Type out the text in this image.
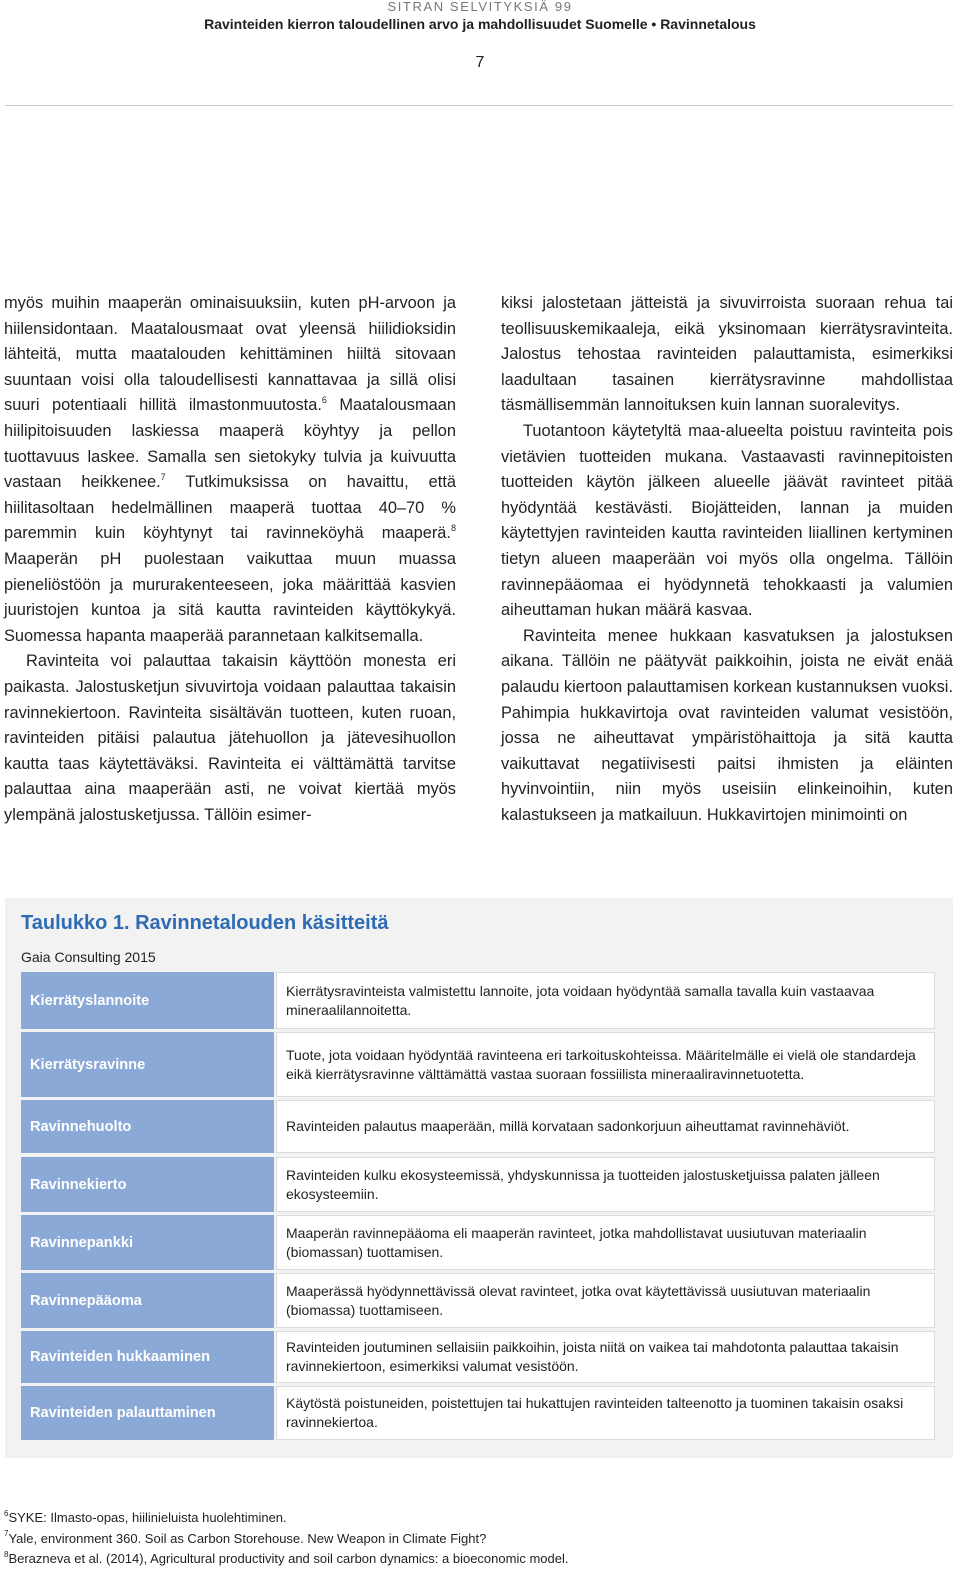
SITRAN SELVITYKSIÄ 99
Ravinteiden kierron taloudellinen arvo ja mahdollisuudet Suomelle • Ravinnetalous
7

myös muihin maaperän ominaisuuksiin, kuten pH-arvoon ja hiilensidontaan. Maatalousmaat ovat yleensä hiilidioksidin lähteitä, mutta maatalouden kehittäminen hiiltä sitovaan suuntaan voisi olla taloudellisesti kannattavaa ja sillä olisi suuri potentiaali hillitä ilmastonmuutosta.$^6$ Maatalousmaan hiilipitoisuuden laskiessa maaperä köyhtyy ja pellon tuottavuus laskee. Samalla sen sietokyky tulvia ja kuivuutta vastaan heikkenee.$^7$ Tutkimuksissa on havaittu, että hiilitasoltaan hedelmällinen maaperä tuottaa 40–70 % paremmin kuin köyhtynyt tai ravinneköyhä maaperä.$^8$ Maaperän pH puolestaan vaikuttaa muun muassa pieneliöstöön ja mururakenteeseen, joka määrittää kasvien juuristojen kuntoa ja sitä kautta ravinteiden käyttökykyä. Suomessa hapanta maaperää parannetaan kalkitsemalla.

Ravinteita voi palauttaa takaisin käyttöön monesta eri paikasta. Jalostusketjun sivuvirtoja voidaan palauttaa takaisin ravinnekiertoon. Ravinteita sisältävän tuotteen, kuten ruoan, ravinteiden pitäisi palautua jätehuollon ja jätevesihuollon kautta taas käytettäväksi. Ravinteita ei välttämättä tarvitse palauttaa aina maaperään asti, ne voivat kiertää myös ylempänä jalostusketjussa. Tällöin esimer-

kiksi jalostetaan jätteistä ja sivuvirroista suoraan rehua tai teollisuuskemikaaleja, eikä yksinomaan kierrätysravinteita. Jalostus tehostaa ravinteiden palauttamista, esimerkiksi laadultaan tasainen kierrätysravinne mahdollistaa täsmällisemmän lannoituksen kuin lannan suoralevitys.

Tuotantoon käytetyltä maa-alueelta poistuu ravinteita pois vietävien tuotteiden mukana. Vastaavasti ravinnepitoisten tuotteiden käytön jälkeen alueelle jäävät ravinteet pitää hyödyntää kestävästi. Biojätteiden, lannan ja muiden käytettyjen ravinteiden kautta ravinteiden liiallinen kertyminen tietyn alueen maaperään voi myös olla ongelma. Tällöin ravinnepääomaa ei hyödynnetä tehokkaasti ja valumien aiheuttaman hukan määrä kasvaa.

Ravinteita menee hukkaan kasvatuksen ja jalostuksen aikana. Tällöin ne päätyvät paikkoihin, joista ne eivät enää palaudu kiertoon palauttamisen korkean kustannuksen vuoksi. Pahimpia hukkavirtoja ovat ravinteiden valumat vesistöön, jossa ne aiheuttavat ympäristöhaittoja ja sitä kautta vaikuttavat negatiivisesti paitsi ihmisten ja eläinten hyvinvointiin, niin myös useisiin elinkeinoihin, kuten kalastukseen ja matkailuun. Hukkavirtojen minimointi on

Taulukko 1. Ravinnetalouden käsitteitä
Gaia Consulting 2015
Kierrätyslannoite
Kierrätysravinteista valmistettu lannoite, jota voidaan hyödyntää samalla tavalla kuin vastaavaa mineraalilannoitetta.
Kierrätysravinne
Tuote, jota voidaan hyödyntää ravinteena eri tarkoituskohteissa. Määritelmälle ei vielä ole standardeja eikä kierrätysravinne välttämättä vastaa suoraan fossiilista mineraaliravinnetuotetta.
Ravinnehuolto	Ravinteiden palautus maaperään, millä korvataan sadonkorjuun aiheuttamat ravinnehäviöt.
Ravinnekierto
Ravinteiden kulku ekosysteemissä, yhdyskunnissa ja tuotteiden jalostusketjuissa palaten jälleen ekosysteemiin.
Ravinnepankki
Maaperän ravinnepääoma eli maaperän ravinteet, jotka mahdollistavat uusiutuvan materiaalin (biomassan) tuottamisen.
Ravinnepääoma
Maaperässä hyödynnettävissä olevat ravinteet, jotka ovat käytettävissä uusiutuvan materiaalin (biomassa) tuottamiseen.
Ravinteiden hukkaaminen
Ravinteiden joutuminen sellaisiin paikkoihin, joista niitä on vaikea tai mahdotonta palauttaa takaisin ravinnekiertoon, esimerkiksi valumat vesistöön.
Ravinteiden palauttaminen
Käytöstä poistuneiden, poistettujen tai hukattujen ravinteiden talteenotto ja tuominen takaisin osaksi ravinnekiertoa.
$^6$SYKE: Ilmasto-opas, hiilinieluista huolehtiminen.
$^7$Yale, environment 360. Soil as Carbon Storehouse. New Weapon in Climate Fight?
$^8$Berazneva et al. (2014), Agricultural productivity and soil carbon dynamics: a bioeconomic model.
